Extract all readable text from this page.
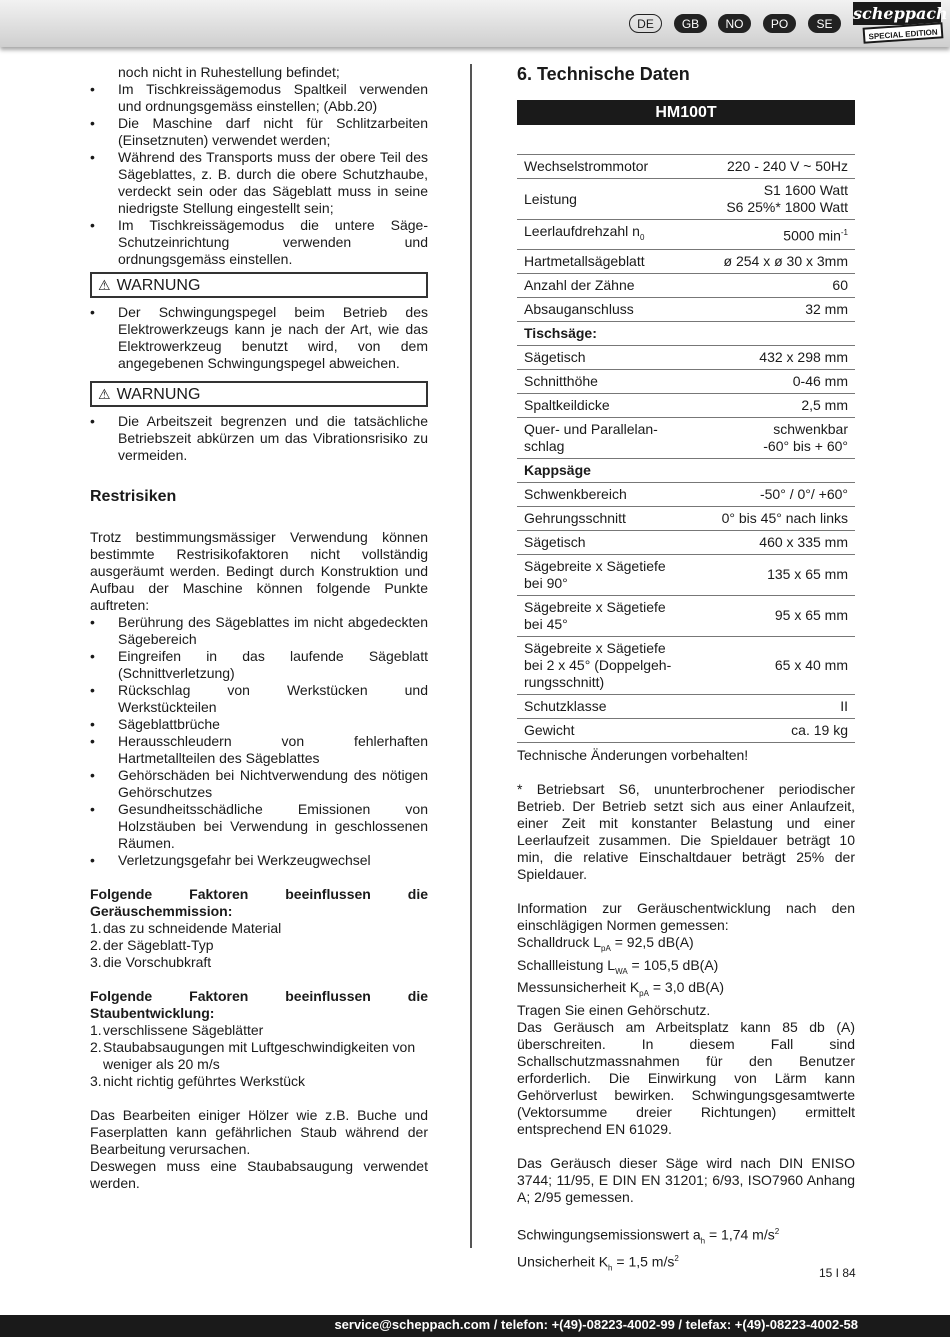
DE	GB	NO	PO	SE
scheppach
SPECIAL EDITION
noch nicht in Ruhestellung befindet;
• Im Tischkreissägemodus Spaltkeil verwenden und ordnungsgemäss einstellen; (Abb.20)
• Die Maschine darf nicht für Schlitzarbeiten (Einsetznuten) verwendet werden;
• Während des Transports muss der obere Teil des Sägeblattes, z. B. durch die obere Schutzhaube, verdeckt sein oder das Sägeblatt muss in seine niedrigste Stellung eingestellt sein;
• Im Tischkreissägemodus die untere Säge-Schutzeinrichtung verwenden und ordnungsgemäss einstellen.
⚠ WARNUNG
• Der Schwingungspegel beim Betrieb des Elektrowerkzeugs kann je nach der Art, wie das Elektrowerkzeug benutzt wird, von dem angegebenen Schwingungspegel abweichen.
⚠ WARNUNG
• Die Arbeitszeit begrenzen und die tatsächliche Betriebszeit abkürzen um das Vibrationsrisiko zu vermeiden.
Restrisiken

Trotz bestimmungsmässiger Verwendung können bestimmte Restrisikofaktoren nicht vollständig ausgeräumt werden. Bedingt durch Konstruktion und Aufbau der Maschine können folgende Punkte auftreten:

• Berührung des Sägeblattes im nicht abgedeckten Sägebereich
• Eingreifen in das laufende Sägeblatt (Schnittverletzung)
• Rückschlag von Werkstücken und Werkstückteilen
• Sägeblattbrüche
• Herausschleudern von fehlerhaften Hartmetallteilen des Sägeblattes
• Gehörschäden bei Nichtverwendung des nötigen Gehörschutzes
• Gesundheitsschädliche Emissionen von Holzstäuben bei Verwendung in geschlossenen Räumen.
• Verletzungsgefahr bei Werkzeugwechsel

Folgende Faktoren beeinflussen die Geräuschemmission:

1. das zu schneidende Material
2. der Sägeblatt-Typ
3. die Vorschubkraft

Folgende Faktoren beeinflussen die Staubentwicklung:

1. verschlissene Sägeblätter
2. Staubabsaugungen mit Luftgeschwindigkeiten von weniger als 20 m/s
3. nicht richtig geführtes Werkstück

Das Bearbeiten einiger Hölzer wie z.B. Buche und Faserplatten kann gefährlichen Staub während der Bearbeitung verursachen.

Deswegen muss eine Staubabsaugung verwendet werden.

6. Technische Daten
HM100T
Wechselstrommotor	220 - 240 V ~ 50Hz
Leistung	S1 1600 Watt
S6 25%* 1800 Watt
Leerlaufdrehzahl $n_0$	5000 $\min^{-1}$
Hartmetallsägeblatt	ø 254 x ø 30 x 3mm
Anzahl der Zähne	60
Absauganschluss	32 mm
Tischsäge:	
Sägetisch	432 x 298 mm
Schnitthöhe	0-46 mm
Spaltkeildicke	2,5 mm
Quer- und Parallelan-
schlag	schwenkbar
-60° bis + 60°
Kappsäge	
Schwenkbereich	-50° / 0°/ +60°
Gehrungsschnitt	0° bis 45° nach links
Sägetisch	460 x 335 mm
Sägebreite x Sägetiefe
bei 90°	135 x 65 mm
Sägebreite x Sägetiefe
bei 45°	95 x 65 mm
Sägebreite x Sägetiefe
bei 2 x 45° (Doppelgeh-
rungsschnitt)	65 x 40 mm
Schutzklasse	II
Gewicht	ca. 19 kg

Technische Änderungen vorbehalten!

* Betriebsart S6, ununterbrochener periodischer Betrieb. Der Betrieb setzt sich aus einer Anlaufzeit, einer Zeit mit konstanter Belastung und einer Leerlaufzeit zusammen. Die Spieldauer beträgt 10 min, die relative Einschaltdauer beträgt 25% der Spieldauer.

Information zur Geräuschentwicklung nach den einschlägigen Normen gemessen:

Schalldruck $L_{pA} = 92,5$ dB(A)

Schallleistung $L_{WA} = 105,5$ dB(A)

Messunsicherheit $K_{pA} = 3,0$ dB(A)

Tragen Sie einen Gehörschutz.

Das Geräusch am Arbeitsplatz kann 85 db (A) überschreiten. In diesem Fall sind Schallschutzmassnahmen für den Benutzer erforderlich. Die Einwirkung von Lärm kann Gehörverlust bewirken. Schwingungsgesamtwerte (Vektorsumme dreier Richtungen) ermittelt entsprechend EN 61029.

Das Geräusch dieser Säge wird nach DIN ENISO 3744; 11/95, E DIN EN 31201; 6/93, ISO7960 Anhang A; 2/95 gemessen.

Schwingungsemissionswert $a_h = 1,74$ $m/s^2$

Unsicherheit $K_h = 1,5$ $m/s^2$

15 I 84
service@scheppach.com / telefon: +(49)-08223-4002-99 / telefax: +(49)-08223-4002-58
